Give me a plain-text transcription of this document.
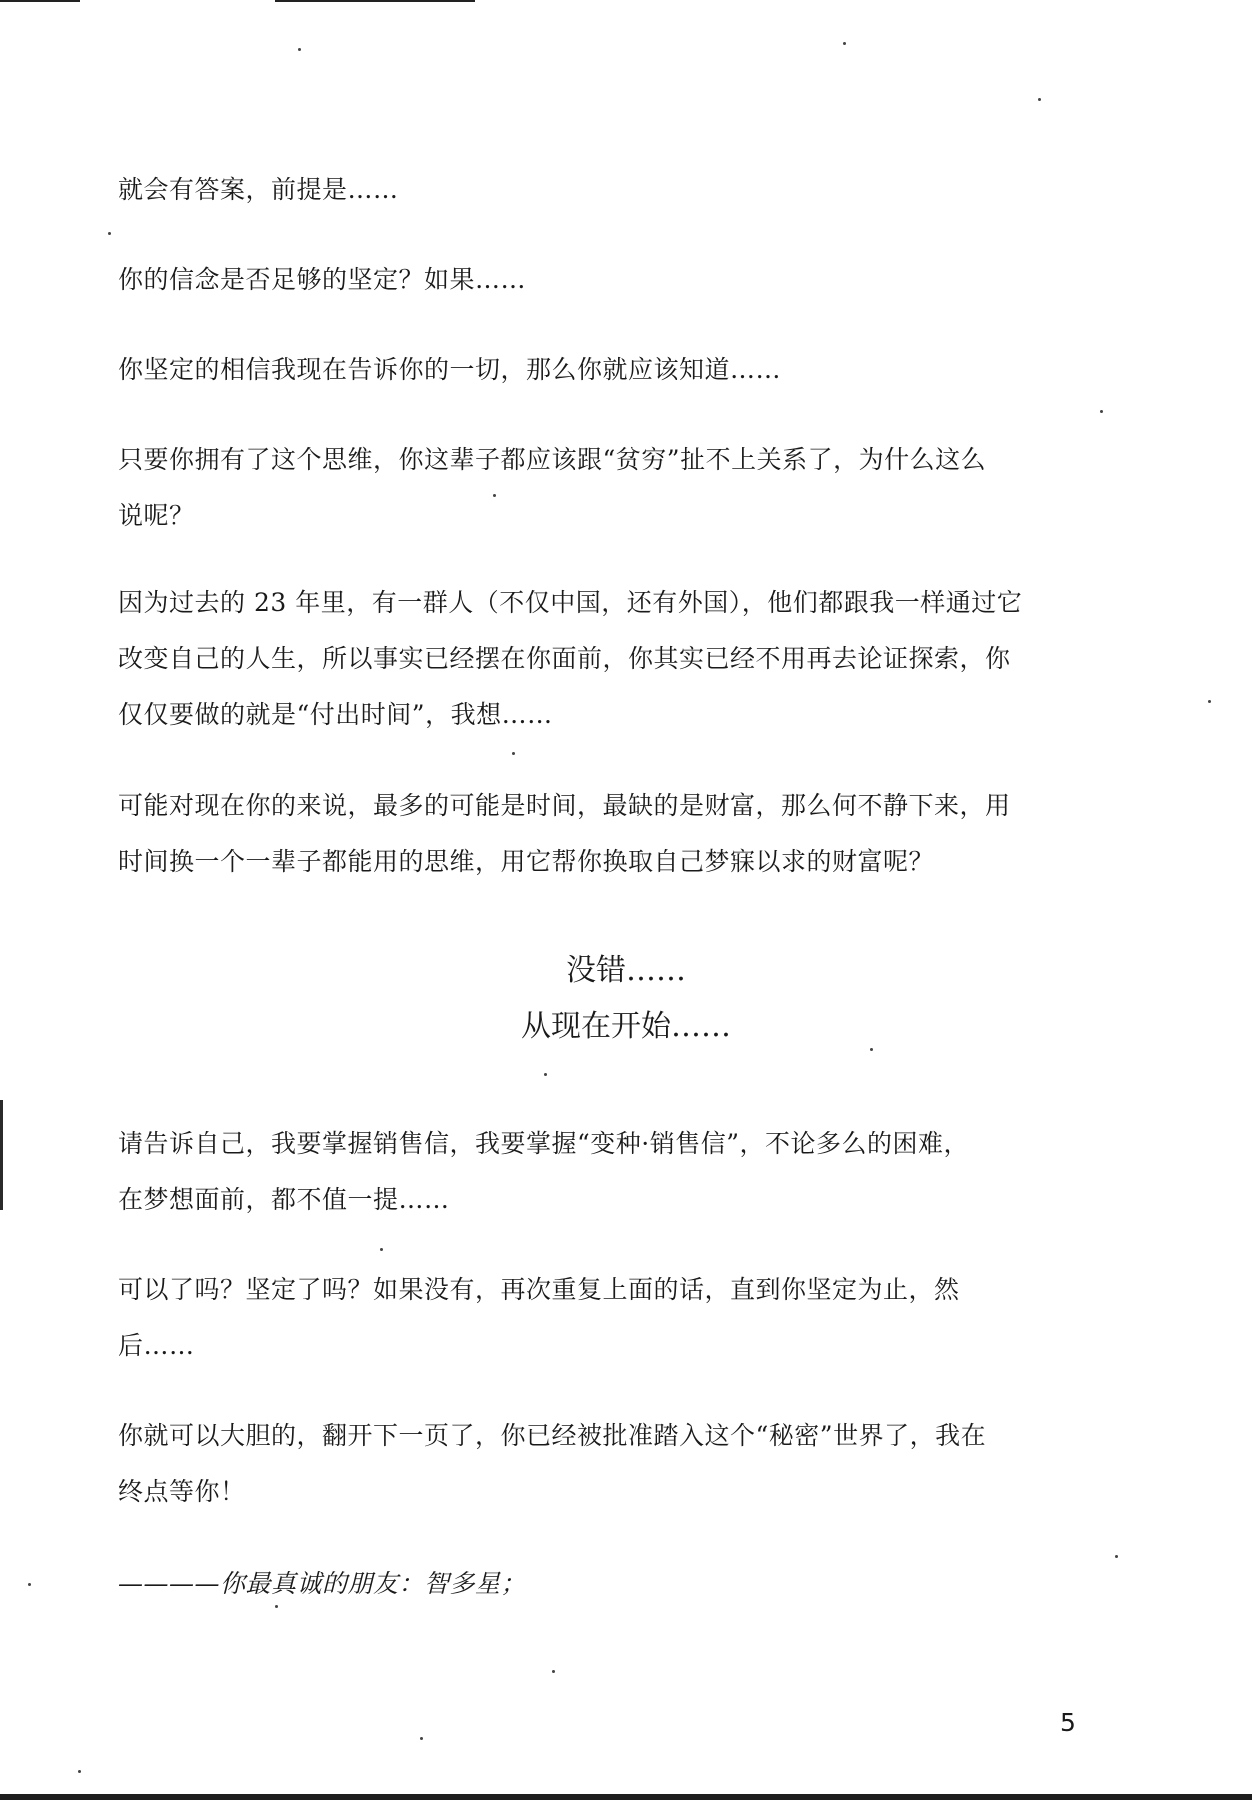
就会有答案，前提是……
你的信念是否足够的坚定？如果……
你坚定的相信我现在告诉你的一切，那么你就应该知道……
只要你拥有了这个思维，你这辈子都应该跟“贫穷”扯不上关系了，为什么这么
说呢？
因为过去的 23 年里，有一群人（不仅中国，还有外国），他们都跟我一样通过它
改变自己的人生，所以事实已经摆在你面前，你其实已经不用再去论证探索，你
仅仅要做的就是“付出时间”，我想……
可能对现在你的来说，最多的可能是时间，最缺的是财富，那么何不静下来，用
时间换一个一辈子都能用的思维，用它帮你换取自己梦寐以求的财富呢？
没错……
从现在开始……
请告诉自己，我要掌握销售信，我要掌握“变种·销售信”，不论多么的困难，
在梦想面前，都不值一提……
可以了吗？坚定了吗？如果没有，再次重复上面的话，直到你坚定为止，然
后……
你就可以大胆的，翻开下一页了，你已经被批准踏入这个“秘密”世界了，我在
终点等你！
————你最真诚的朋友：智多星；
5
